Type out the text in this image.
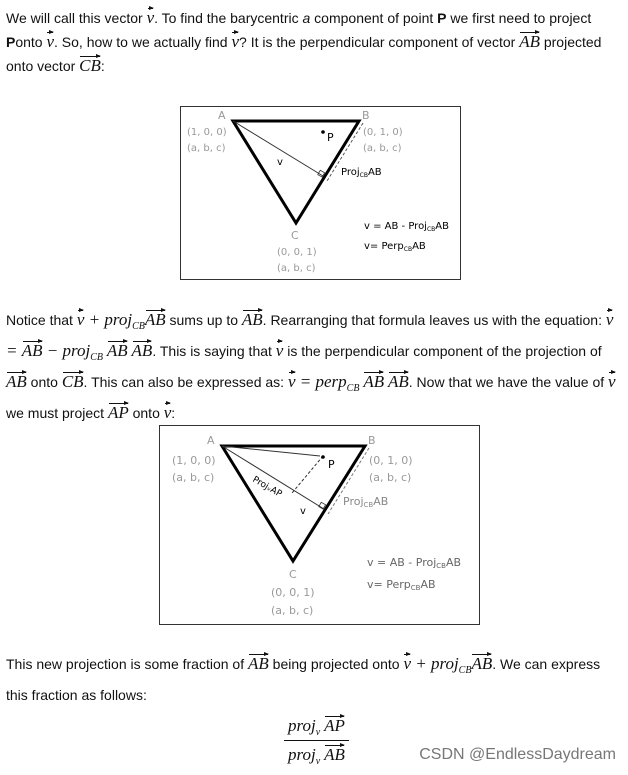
We will call this vector v. To find the barycentric a component of point P we first need to project Ponto v. So, how to we actually find v? It is the perpendicular component of vector AB projected onto vector CB:
P
A
(1, 0, 0)
(a, b, c)
B
(0, 1, 0)
(a, b, c)
v
Proj$_{CB}$AB
C
(0, 0, 1)
(a, b, c)
v = AB - Proj$_{CB}$AB
v= Perp$_{CB}$AB
Notice that v + proj$_{CB}$AB sums up to AB. Rearranging that formula leaves us with the equation: v = AB − proj$_{CB}$ AB AB. This is saying that v is the perpendicular component of the projection of AB onto CB. This can also be expressed as: v = perp$_{CB}$ AB AB. Now that we have the value of v we must project AP onto v:
P
ProjᵥAP
v
A
(1, 0, 0)
(a, b, c)
B
(0, 1, 0)
(a, b, c)
ProjCBAB
C
(0, 0, 1)
(a, b, c)
v = AB - ProjCBAB
v= PerpCBAB
This new projection is some fraction of AB being projected onto v + proj$_{CB}$AB. We can express this fraction as follows:
proj$_v$ AP
proj$_v$ AB	CSDN @EndlessDaydream
